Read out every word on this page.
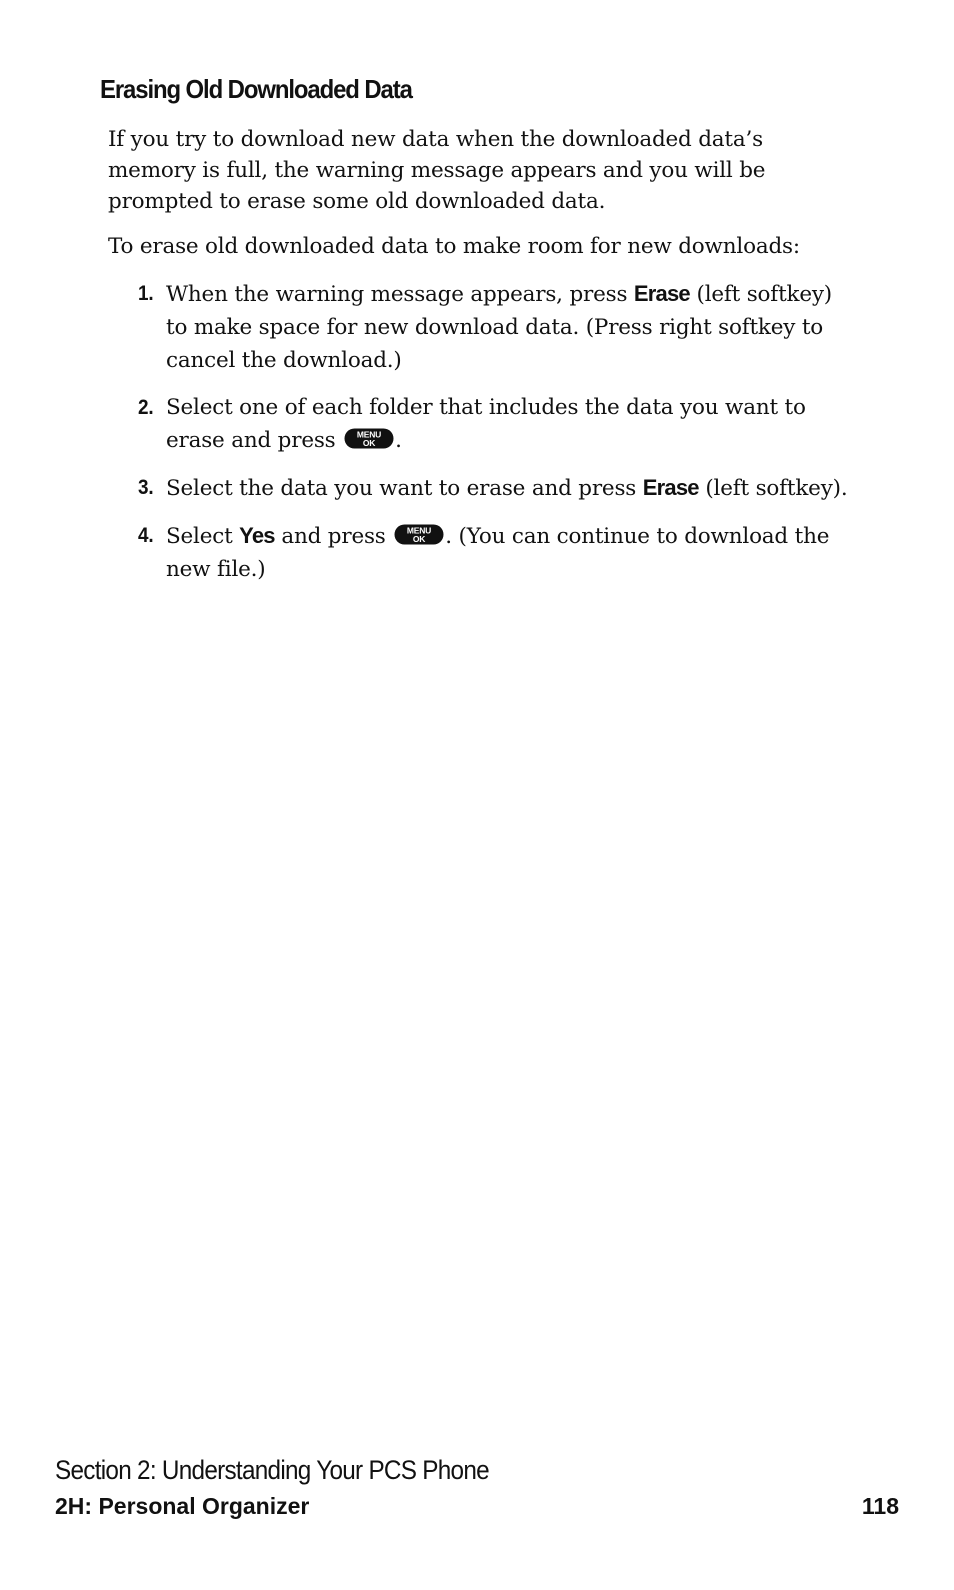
Erasing Old Downloaded Data

If you try to download new data when the downloaded data’s memory is full, the warning message appears and you will be prompted to erase some old downloaded data.

To erase old downloaded data to make room for new downloads:

1. When the warning message appears, press Erase (left softkey) to make space for new download data. (Press right softkey to cancel the download.)
2. Select one of each folder that includes the data you want to erase and press MENU
OK .
3. Select the data you want to erase and press Erase (left softkey).
4. Select Yes and press MENU
OK . (You can continue to download the new file.)
Section 2: Understanding Your PCS Phone
2H: Personal Organizer	118
